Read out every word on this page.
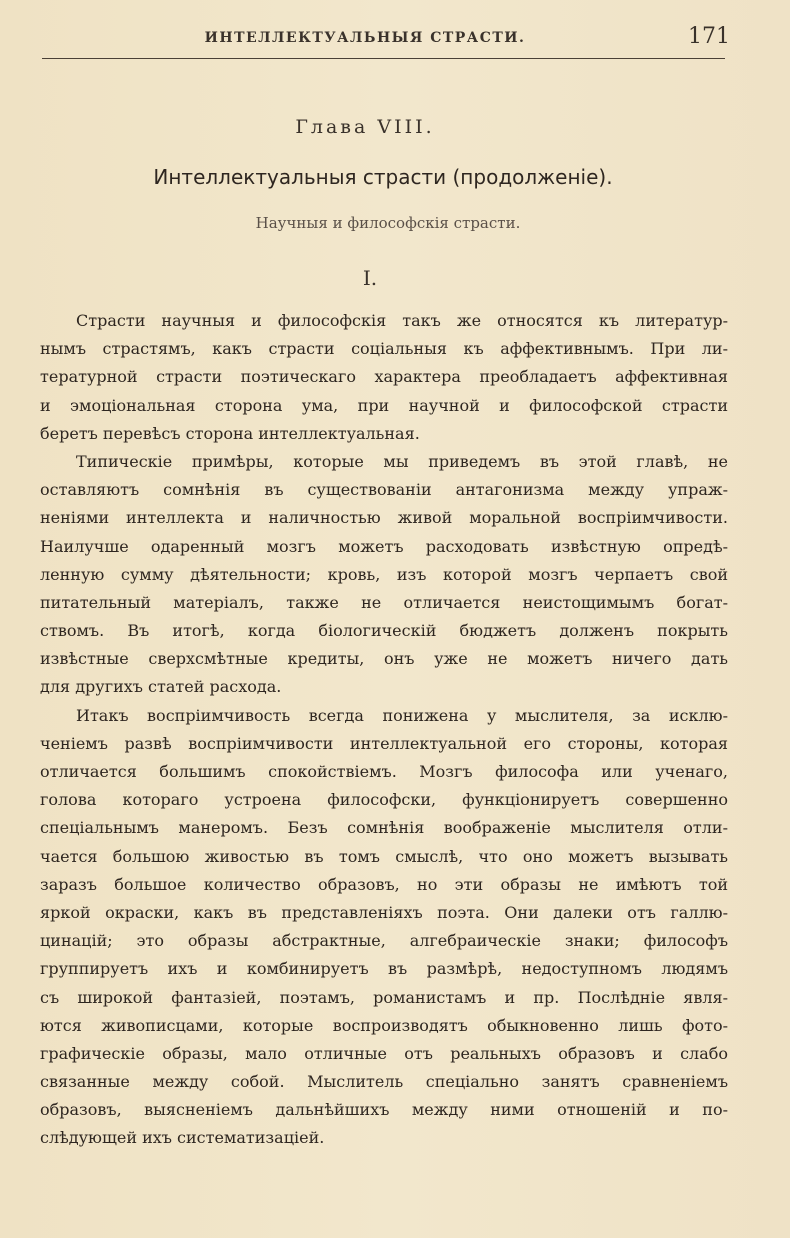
ИНТЕЛЛЕКТУАЛЬНЫЯ СТРАСТИ.	171
Глава VIII.
Интеллектуальныя страсти (продолженіе).
Научныя и философскія страсти.
I.
Страсти научныя и философскія такъ же относятся къ литератур-
нымъ страстямъ, какъ страсти соціальныя къ аффективнымъ. При ли-
тературной страсти поэтическаго характера преобладаетъ аффективная
и эмоціональная сторона ума, при научной и философской страсти
беретъ перевѣсъ сторона интеллектуальная.
Типическіе примѣры, которые мы приведемъ въ этой главѣ, не
оставляютъ сомнѣнія въ существованіи антагонизма между упраж-
неніями интеллекта и наличностью живой моральной воспріимчивости.
Наилучше одаренный мозгъ можетъ расходовать извѣстную опредѣ-
ленную сумму дѣятельности; кровь, изъ которой мозгъ черпаетъ свой
питательный матеріалъ, также не отличается неистощимымъ богат-
ствомъ. Въ итогѣ, когда біологическій бюджетъ долженъ покрыть
извѣстные сверхсмѣтные кредиты, онъ уже не можетъ ничего дать
для другихъ статей расхода.
Итакъ воспріимчивость всегда понижена у мыслителя, за исклю-
ченіемъ развѣ воспріимчивости интеллектуальной его стороны, которая
отличается большимъ спокойствіемъ. Мозгъ философа или ученаго,
голова котораго устроена философски, функціонируетъ совершенно
спеціальнымъ манеромъ. Безъ сомнѣнія воображеніе мыслителя отли-
чается большою живостью въ томъ смыслѣ, что оно можетъ вызывать
заразъ большое количество образовъ, но эти образы не имѣютъ той
яркой окраски, какъ въ представленіяхъ поэта. Они далеки отъ галлю-
цинацій; это образы абстрактные, алгебраическіе знаки; философъ
группируетъ ихъ и комбинируетъ въ размѣрѣ, недоступномъ людямъ
съ широкой фантазіей, поэтамъ, романистамъ и пр. Послѣдніе явля-
ются живописцами, которые воспроизводятъ обыкновенно лишь фото-
графическіе образы, мало отличные отъ реальныхъ образовъ и слабо
связанные между собой. Мыслитель спеціально занятъ сравненіемъ
образовъ, выясненіемъ дальнѣйшихъ между ними отношеній и по-
слѣдующей ихъ систематизаціей.
